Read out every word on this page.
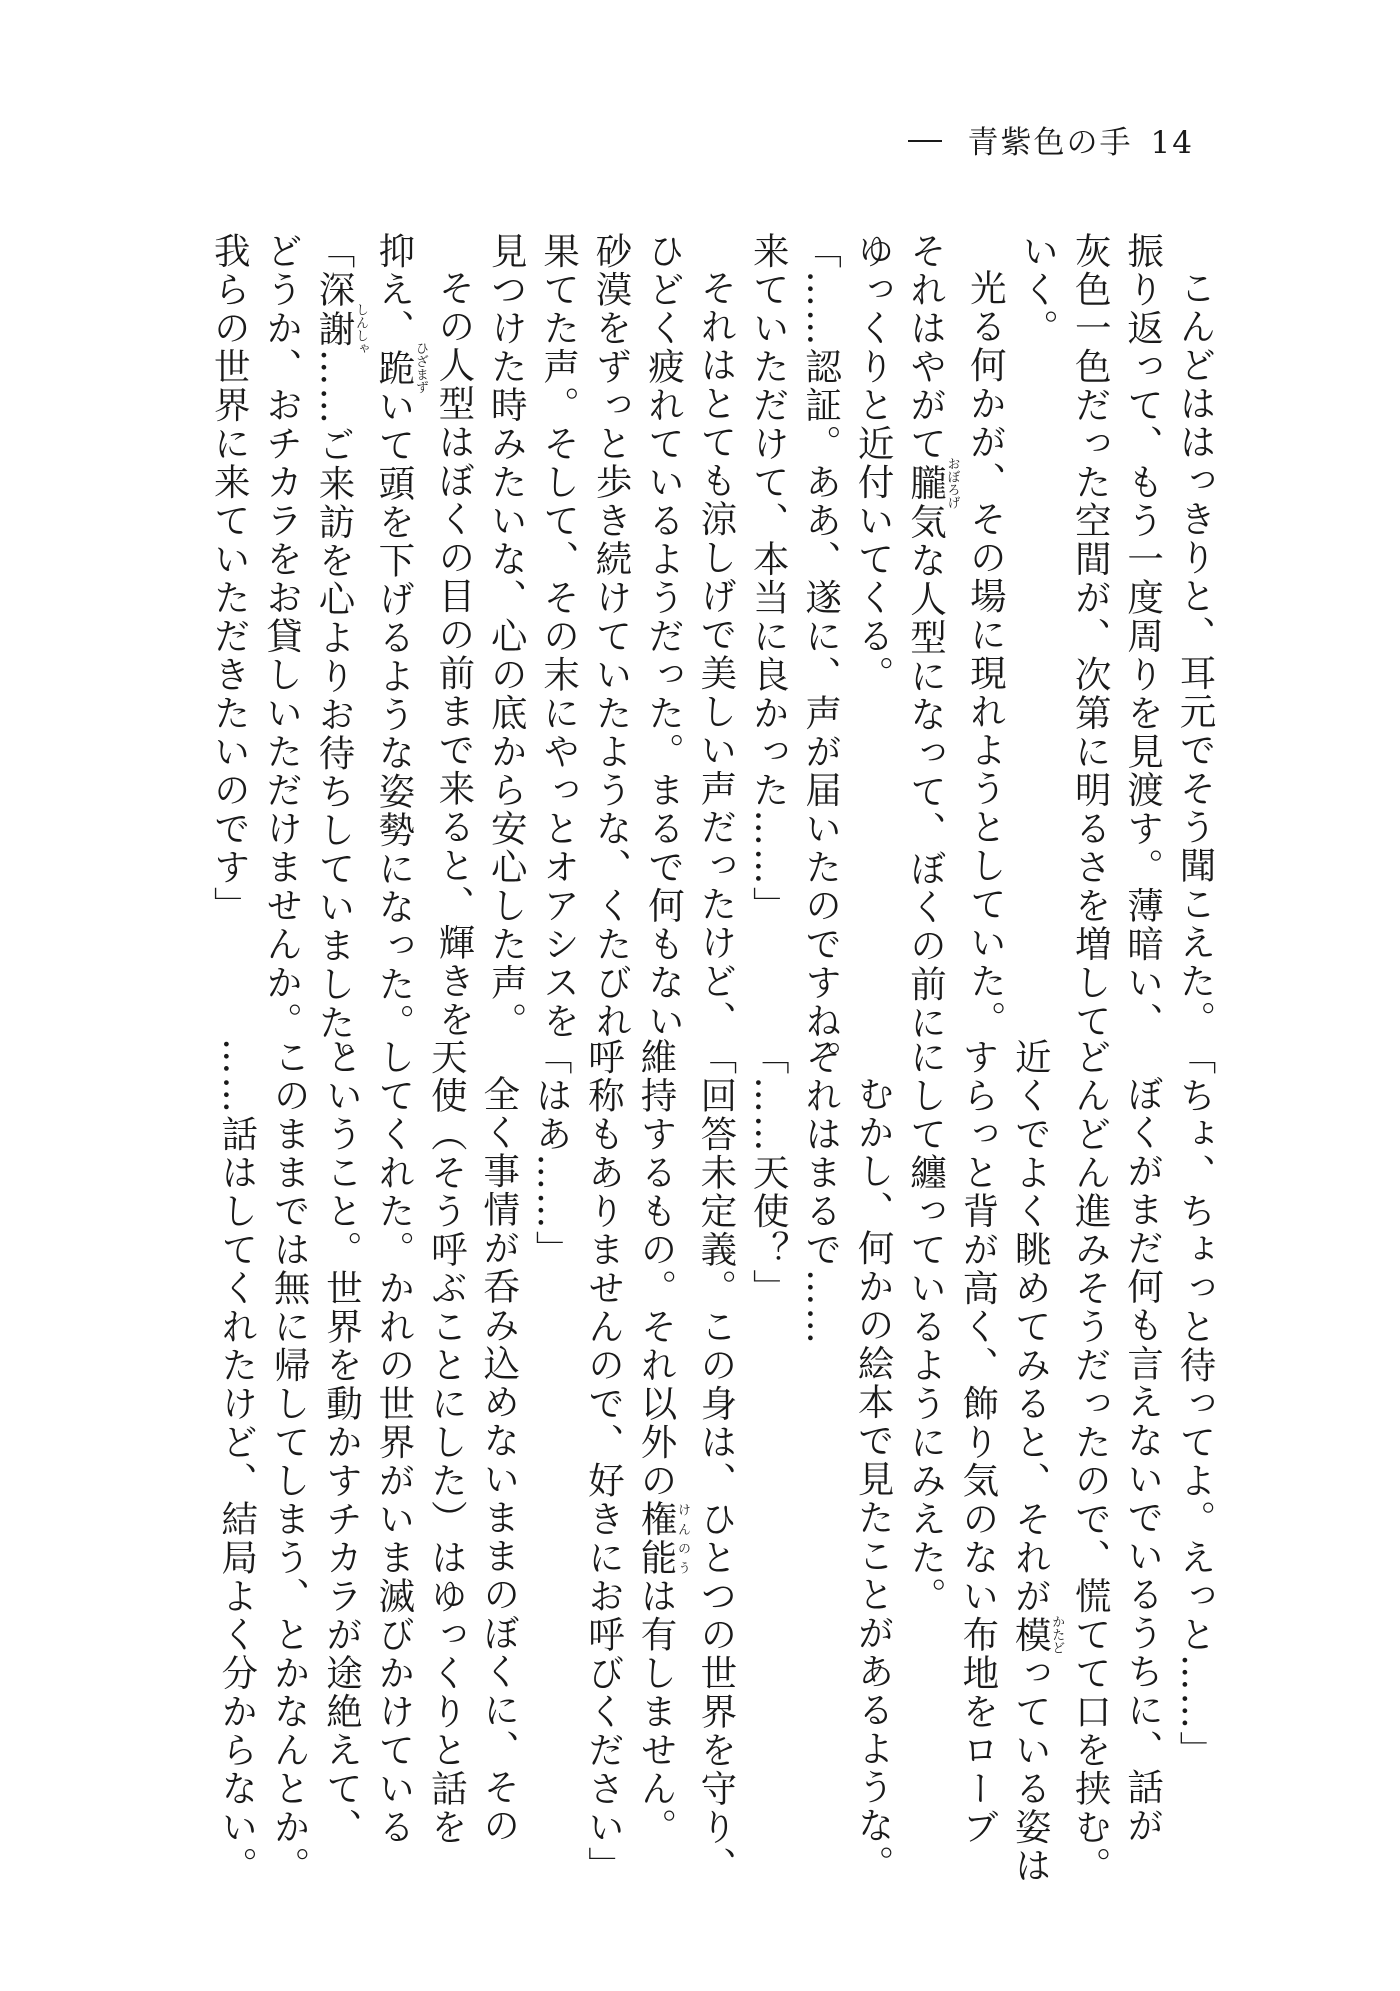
青紫色の手 14
こんどははっきりと、耳元でそう聞こえた。
振り返って、もう一度周りを見渡す。薄暗い、
灰色一色だった空間が、次第に明るさを増して
いく。
光る何かが、その場に現れようとしていた。
それはやがて朧おぼろげ気な人型になって、ぼくの前に
ゆっくりと近付いてくる。
「……認証。ああ、遂に、声が届いたのですね。
来ていただけて、本当に良かった……」
それはとても涼しげで美しい声だったけど、
ひどく疲れているようだった。まるで何もない
砂漠をずっと歩き続けていたような、くたびれ
果てた声。そして、その末にやっとオアシスを
見つけた時みたいな、心の底から安心した声。
その人型はぼくの目の前まで来ると、輝きを
抑え、跪ひざまずいて頭を下げるような姿勢になった。
「深謝しんしゃ……ご来訪を心よりお待ちしていました。
どうか、おチカラをお貸しいただけませんか。
我らの世界に来ていただきたいのです」
「ちょ、ちょっと待ってよ。えっと……」
ぼくがまだ何も言えないでいるうちに、話が
どんどん進みそうだったので、慌てて口を挟む。
近くでよく眺めてみると、それが模かたどっている姿は
すらっと背が高く、飾り気のない布地をローブ
にして纏っているようにみえた。
むかし、何かの絵本で見たことがあるような。
それはまるで……
「……天使？」
「回答未定義。この身は、ひとつの世界を守り、
維持するもの。それ以外の権能けんのうは有しません。
呼称もありませんので、好きにお呼びください」
「はあ……」
全く事情が呑み込めないままのぼくに、その
天使（そう呼ぶことにした）はゆっくりと話を
してくれた。かれの世界がいま滅びかけている
ということ。世界を動かすチカラが途絶えて、
このままでは無に帰してしまう、とかなんとか。
……話はしてくれたけど、結局よく分からない。
